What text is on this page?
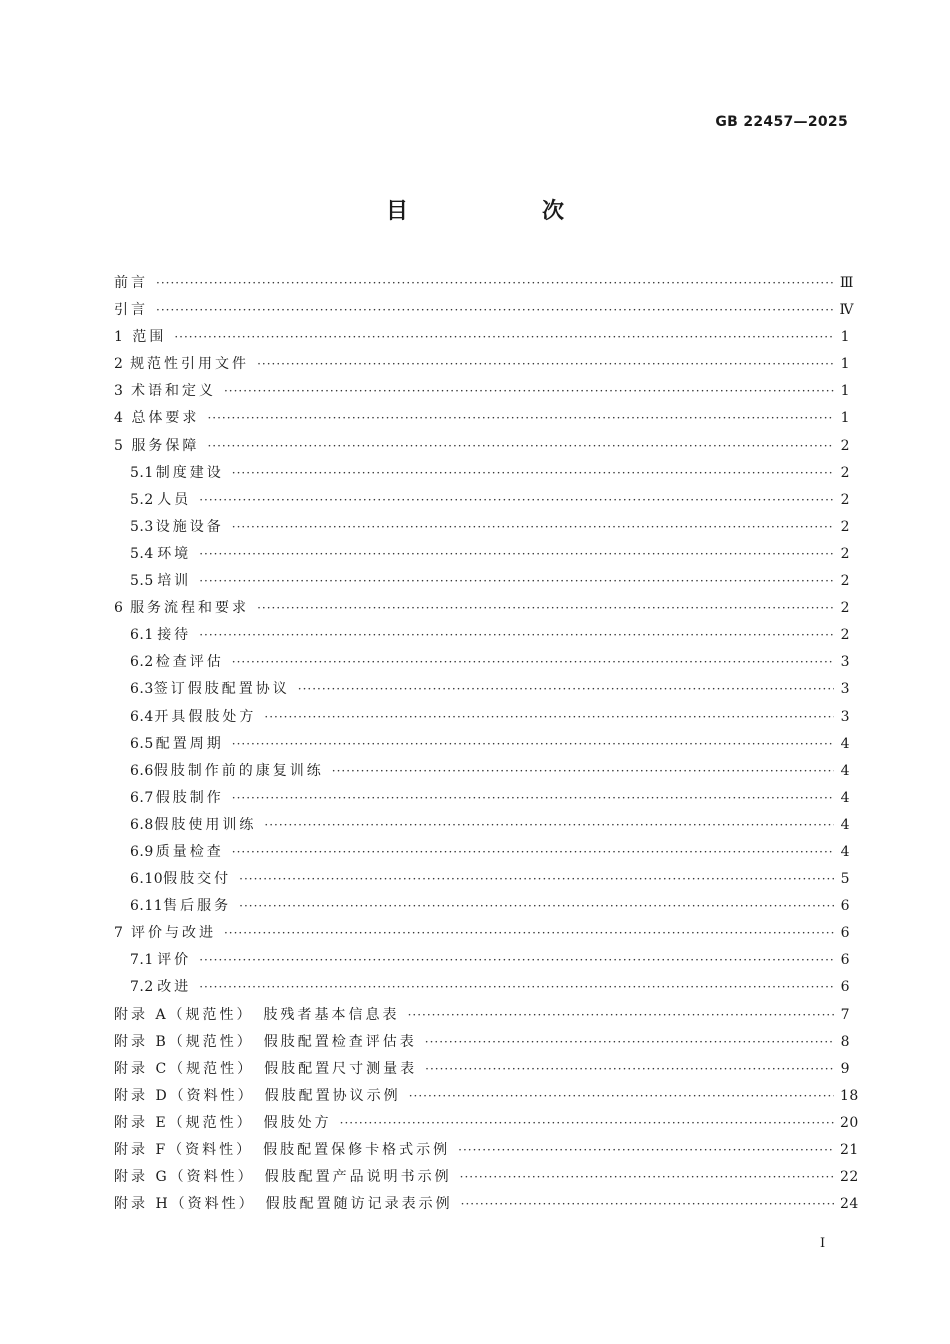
GB 22457—2025
目　次
前言 ·····	Ⅲ
引言 ·····	Ⅳ
1 范围 ·····	1
2 规范性引用文件 ·····	1
3 术语和定义 ·····	1
4 总体要求 ·····	1
5 服务保障 ·····	2
5.1 制度建设 ·····	2
5.2 人员 ·····	2
5.3 设施设备 ·····	2
5.4 环境 ·····	2
5.5 培训 ·····	2
6 服务流程和要求 ·····	2
6.1 接待 ·····	2
6.2 检查评估 ·····	3
6.3 签订假肢配置协议 ·····	3
6.4 开具假肢处方 ·····	3
6.5 配置周期 ·····	4
6.6 假肢制作前的康复训练 ·····	4
6.7 假肢制作 ·····	4
6.8 假肢使用训练 ·····	4
6.9 质量检查 ·····	4
6.10 假肢交付 ·····	5
6.11 售后服务 ·····	6
7 评价与改进 ·····	6
7.1 评价 ·····	6
7.2 改进 ·····	6
附录 A（规范性）　肢残者基本信息表 ·····	7
附录 B（规范性）　假肢配置检查评估表 ·····	8
附录 C（规范性）　假肢配置尺寸测量表 ·····	9
附录 D（资料性）　假肢配置协议示例 ·····	18
附录 E（规范性）　假肢处方 ·····	20
附录 F（资料性）　假肢配置保修卡格式示例 ·····	21
附录 G（资料性）　假肢配置产品说明书示例 ·····	22
附录 H（资料性）　假肢配置随访记录表示例 ·····	24
I
